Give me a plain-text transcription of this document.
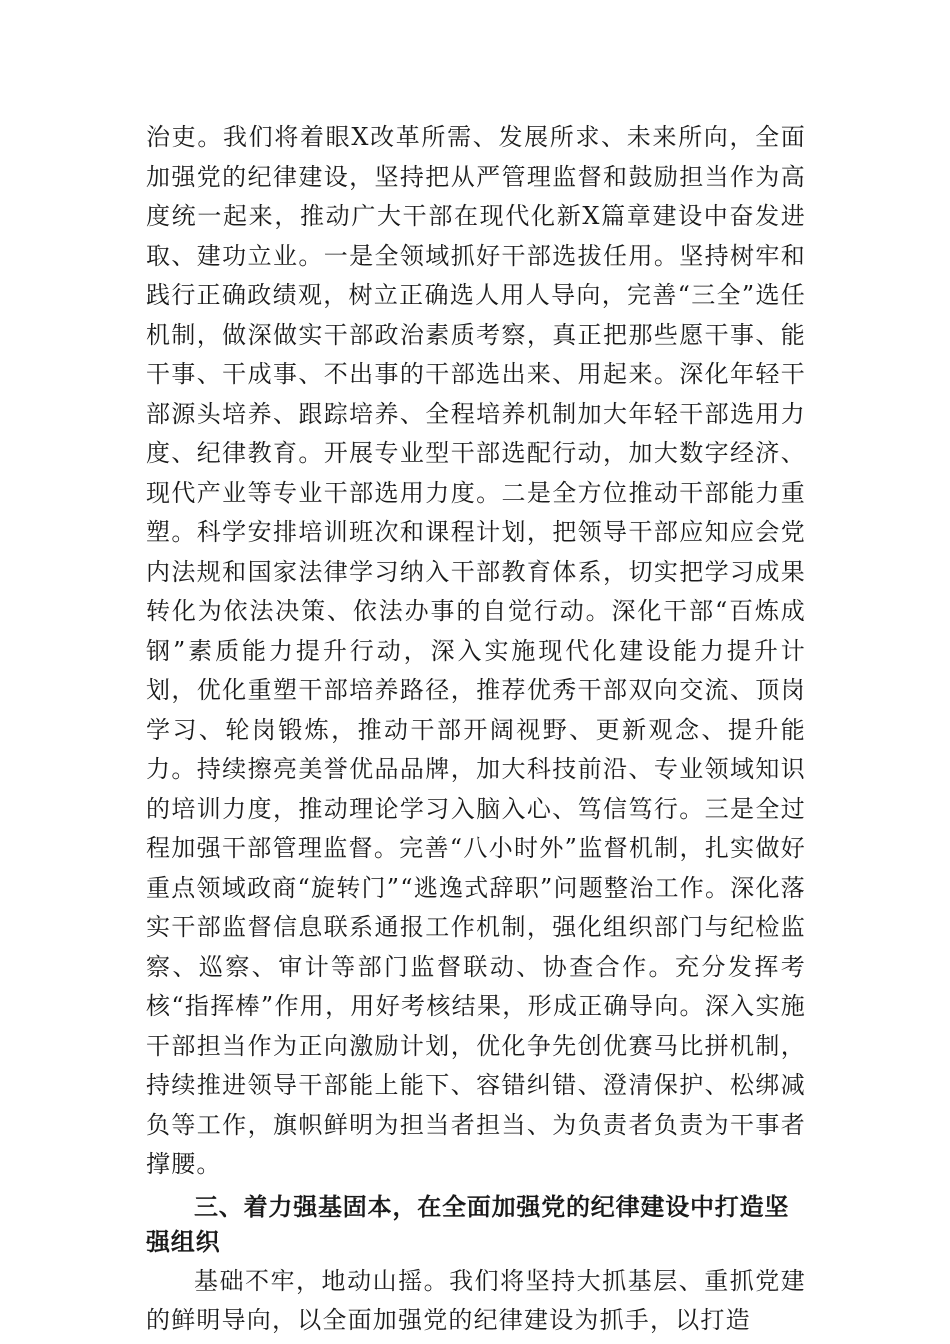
治吏。我们将着眼X改革所需、发展所求、未来所向，全面加强党的纪律建设，坚持把从严管理监督和鼓励担当作为高度统一起来，推动广大干部在现代化新X篇章建设中奋发进取、建功立业。一是全领域抓好干部选拔任用。坚持树牢和践行正确政绩观，树立正确选人用人导向，完善“三全”选任机制，做深做实干部政治素质考察，真正把那些愿干事、能干事、干成事、不出事的干部选出来、用起来。深化年轻干部源头培养、跟踪培养、全程培养机制加大年轻干部选用力度、纪律教育。开展专业型干部选配行动，加大数字经济、现代产业等专业干部选用力度。二是全方位推动干部能力重塑。科学安排培训班次和课程计划，把领导干部应知应会党内法规和国家法律学习纳入干部教育体系，切实把学习成果转化为依法决策、依法办事的自觉行动。深化干部“百炼成钢”素质能力提升行动，深入实施现代化建设能力提升计划，优化重塑干部培养路径，推荐优秀干部双向交流、顶岗学习、轮岗锻炼，推动干部开阔视野、更新观念、提升能力。持续擦亮美誉优品品牌，加大科技前沿、专业领域知识的培训力度，推动理论学习入脑入心、笃信笃行。三是全过程加强干部管理监督。完善“八小时外”监督机制，扎实做好重点领域政商“旋转门”“逃逸式辞职”问题整治工作。深化落实干部监督信息联系通报工作机制，强化组织部门与纪检监察、巡察、审计等部门监督联动、协查合作。充分发挥考核“指挥棒”作用，用好考核结果，形成正确导向。深入实施干部担当作为正向激励计划，优化争先创优赛马比拼机制，持续推进领导干部能上能下、容错纠错、澄清保护、松绑减负等工作，旗帜鲜明为担当者担当、为负责者负责为干事者撑腰。

三、着力强基固本，在全面加强党的纪律建设中打造坚强组织

基础不牢，地动山摇。我们将坚持大抓基层、重抓党建的鲜明导向，以全面加强党的纪律建设为抓手，以打造
